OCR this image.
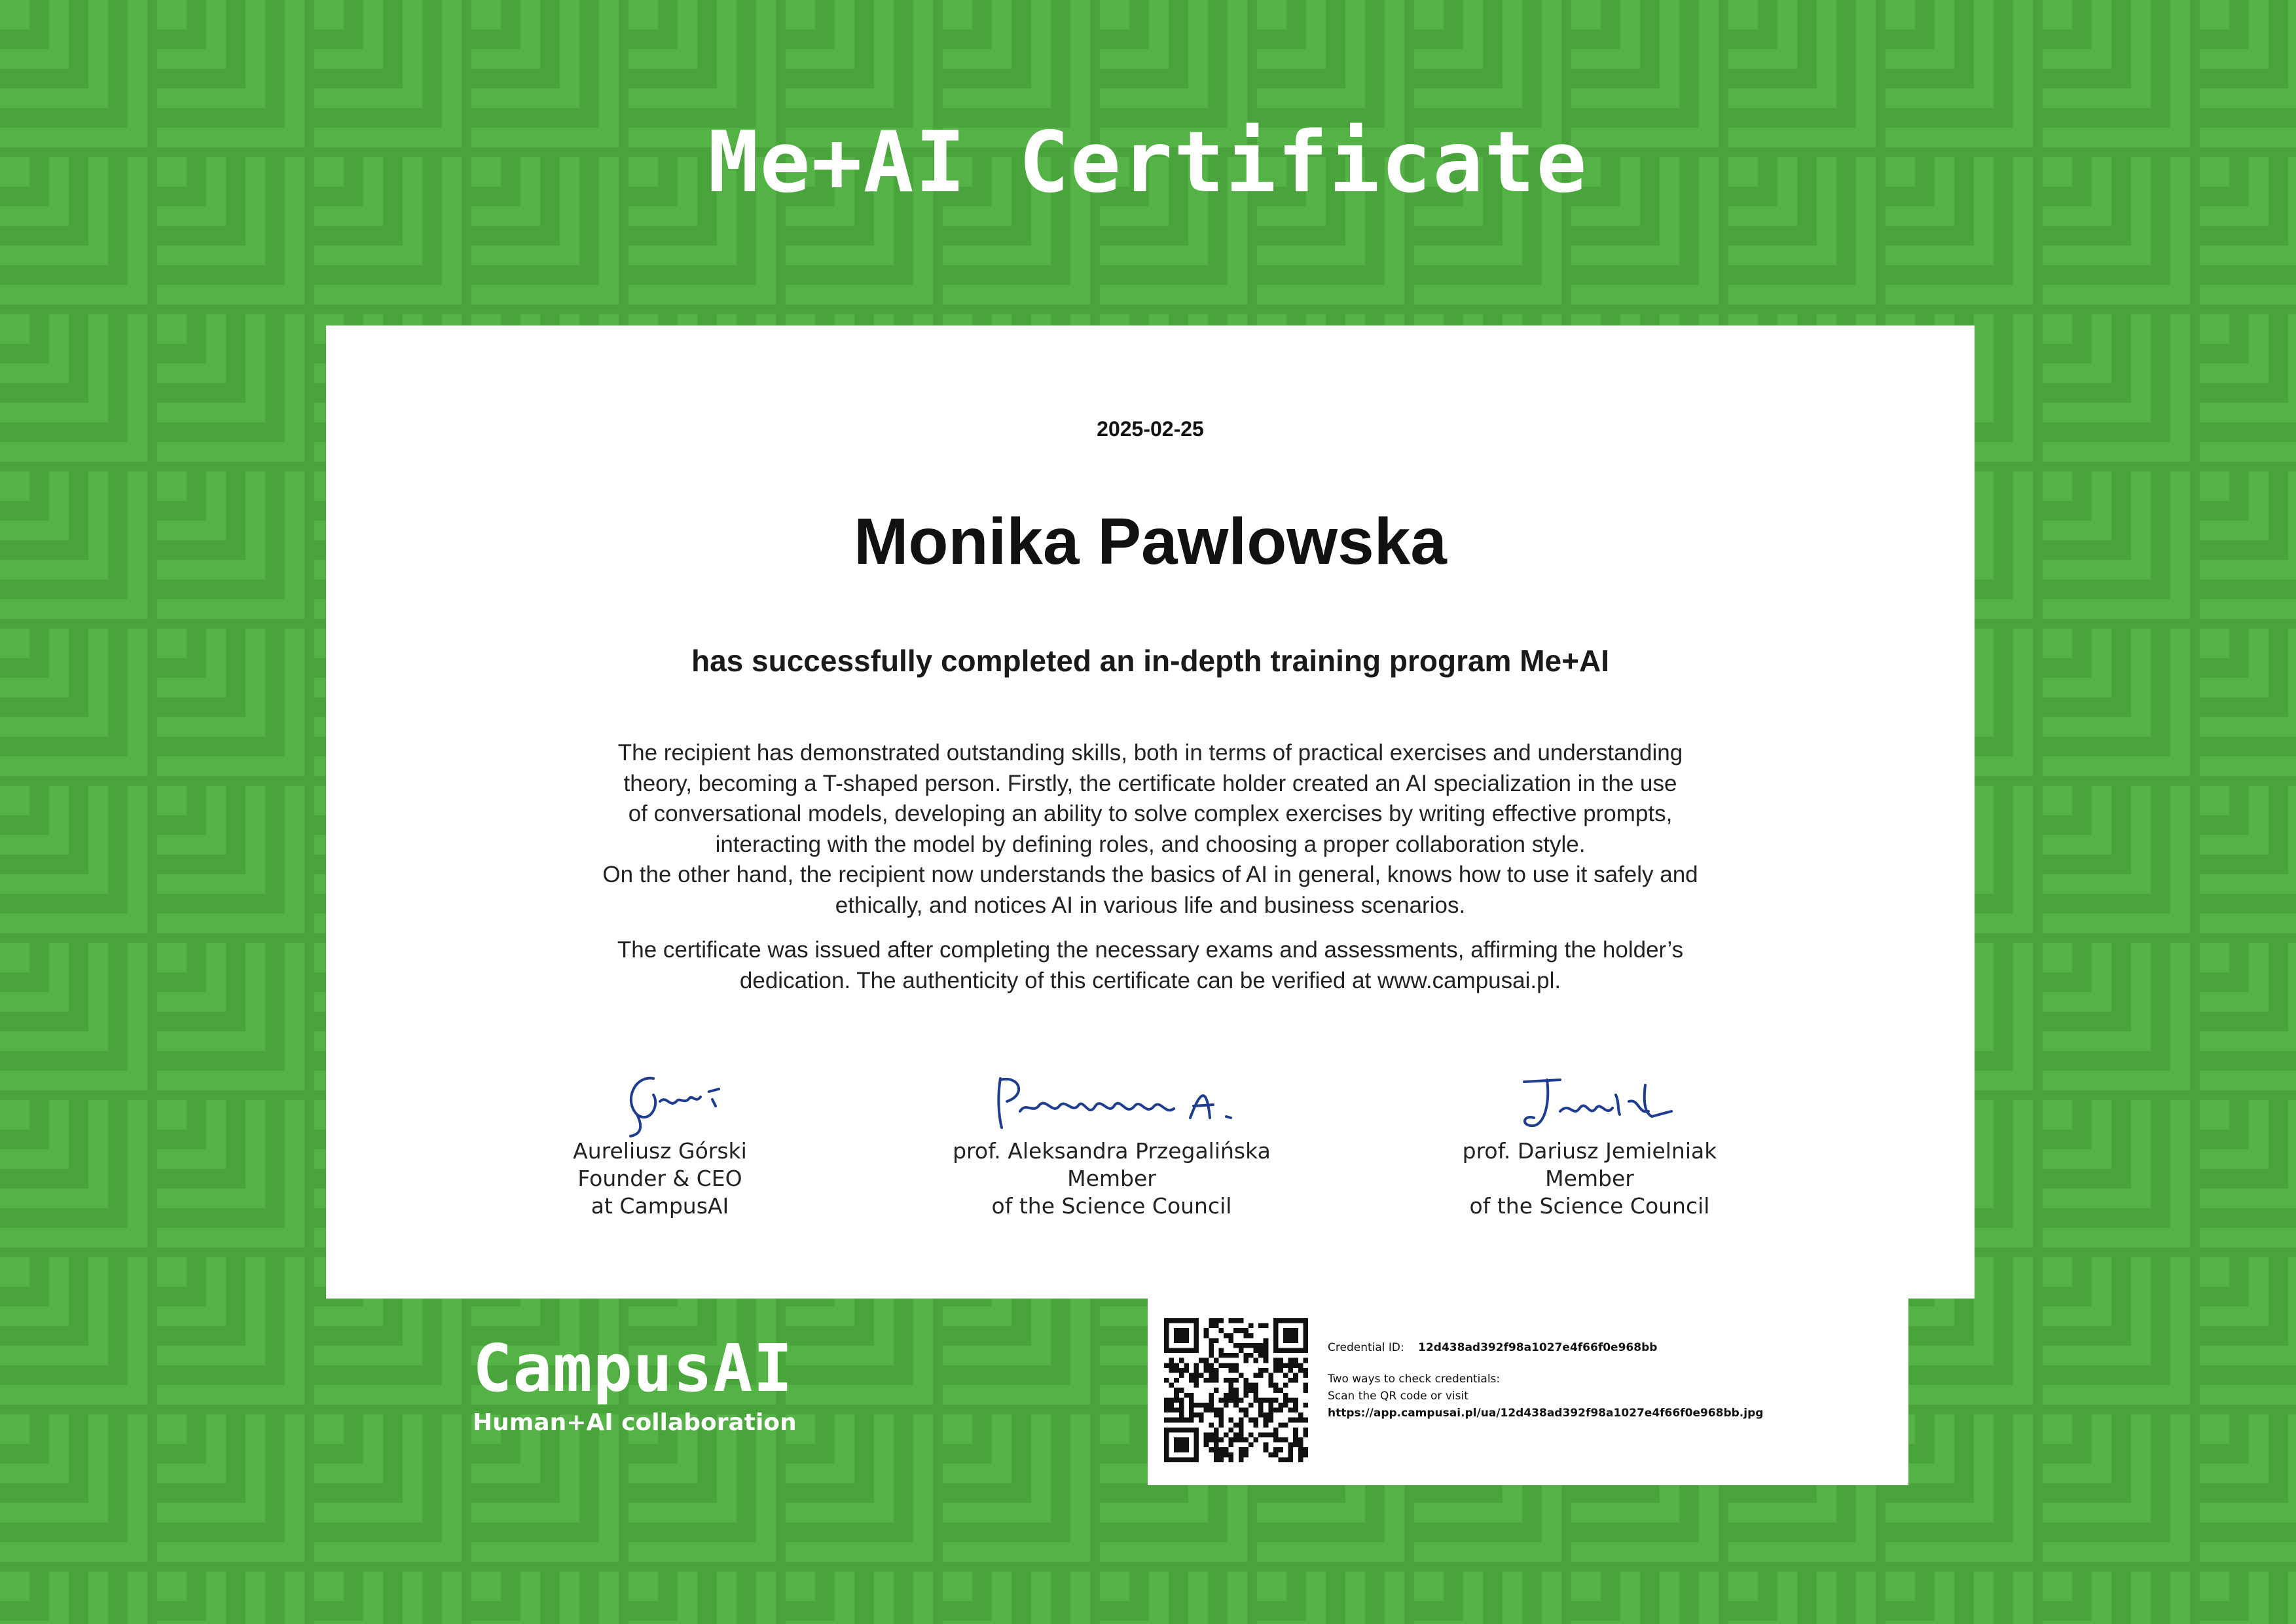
Me+AI Certificate
2025-02-25
Monika Pawlowska
has successfully completed an in-depth training program Me+AI

The recipient has demonstrated outstanding skills, both in terms of practical exercises and understanding
theory, becoming a T-shaped person. Firstly, the certificate holder created an AI specialization in the use
of conversational models, developing an ability to solve complex exercises by writing effective prompts,
interacting with the model by defining roles, and choosing a proper collaboration style.
On the other hand, the recipient now understands the basics of AI in general, knows how to use it safely and
ethically, and notices AI in various life and business scenarios.

The certificate was issued after completing the necessary exams and assessments, affirming the holder’s
dedication. The authenticity of this certificate can be verified at www.campusai.pl.

Aureliusz Górski
Founder & CEO
at CampusAI
prof. Aleksandra Przegalińska
Member
of the Science Council
prof. Dariusz Jemielniak
Member
of the Science Council
CampusAI
Human+AI collaboration
Credential ID: 12d438ad392f98a1027e4f66f0e968bb
Two ways to check credentials:
Scan the QR code or visit
https://app.campusai.pl/ua/12d438ad392f98a1027e4f66f0e968bb.jpg
